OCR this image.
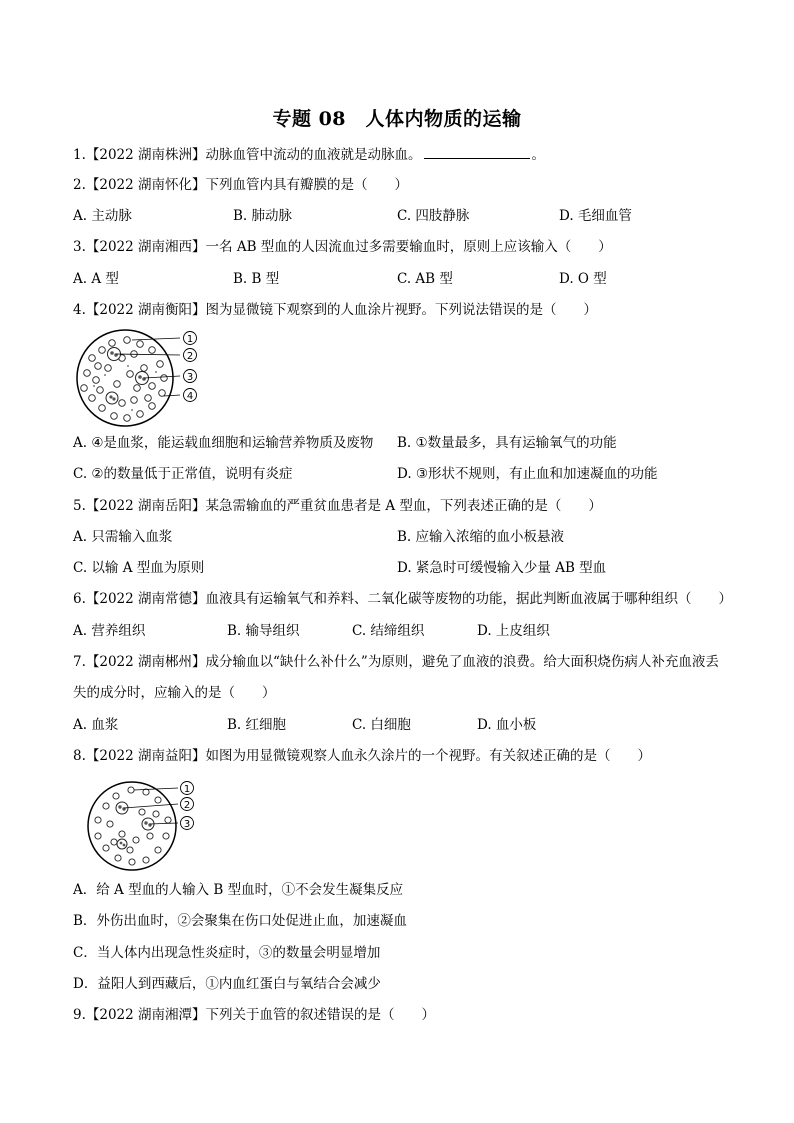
专题 08　人体内物质的运输
1.【2022 湖南株洲】动脉血管中流动的血液就是动脉血。	。
2.【2022 湖南怀化】下列血管内具有瓣膜的是（　　）
A. 主动脉	B. 肺动脉	C. 四肢静脉	D. 毛细血管
3.【2022 湖南湘西】一名 AB 型血的人因流血过多需要输血时，原则上应该输入（　　）
A. A 型	B. B 型	C. AB 型	D. O 型
4.【2022 湖南衡阳】图为显微镜下观察到的人血涂片视野。下列说法错误的是（　　）
1
2
3
4
A. ④是血浆，能运载血细胞和运输营养物质及废物 B. ①数量最多，具有运输氧气的功能
C. ②的数量低于正常值，说明有炎症	D. ③形状不规则，有止血和加速凝血的功能
5.【2022 湖南岳阳】某急需输血的严重贫血患者是 A 型血，下列表述正确的是（　　）
A. 只需输入血浆	B. 应输入浓缩的血小板悬液
C. 以输 A 型血为原则	D. 紧急时可缓慢输入少量 AB 型血
6.【2022 湖南常德】血液具有运输氧气和养料、二氧化碳等废物的功能，据此判断血液属于哪种组织（　　）
A. 营养组织	B. 输导组织	C. 结缔组织	D. 上皮组织
7.【2022 湖南郴州】成分输血以“缺什么补什么”为原则，避免了血液的浪费。给大面积烧伤病人补充血液丢
失的成分时，应输入的是（　　）
A. 血浆	B. 红细胞	C. 白细胞	D. 血小板
8.【2022 湖南益阳】如图为用显微镜观察人血永久涂片的一个视野。有关叙述正确的是（　　）
1
2
3
A．给 A 型血的人输入 B 型血时，①不会发生凝集反应
B．外伤出血时，②会聚集在伤口处促进止血，加速凝血
C．当人体内出现急性炎症时，③的数量会明显增加
D．益阳人到西藏后，①内血红蛋白与氧结合会减少
9.【2022 湖南湘潭】下列关于血管的叙述错误的是（　　）
